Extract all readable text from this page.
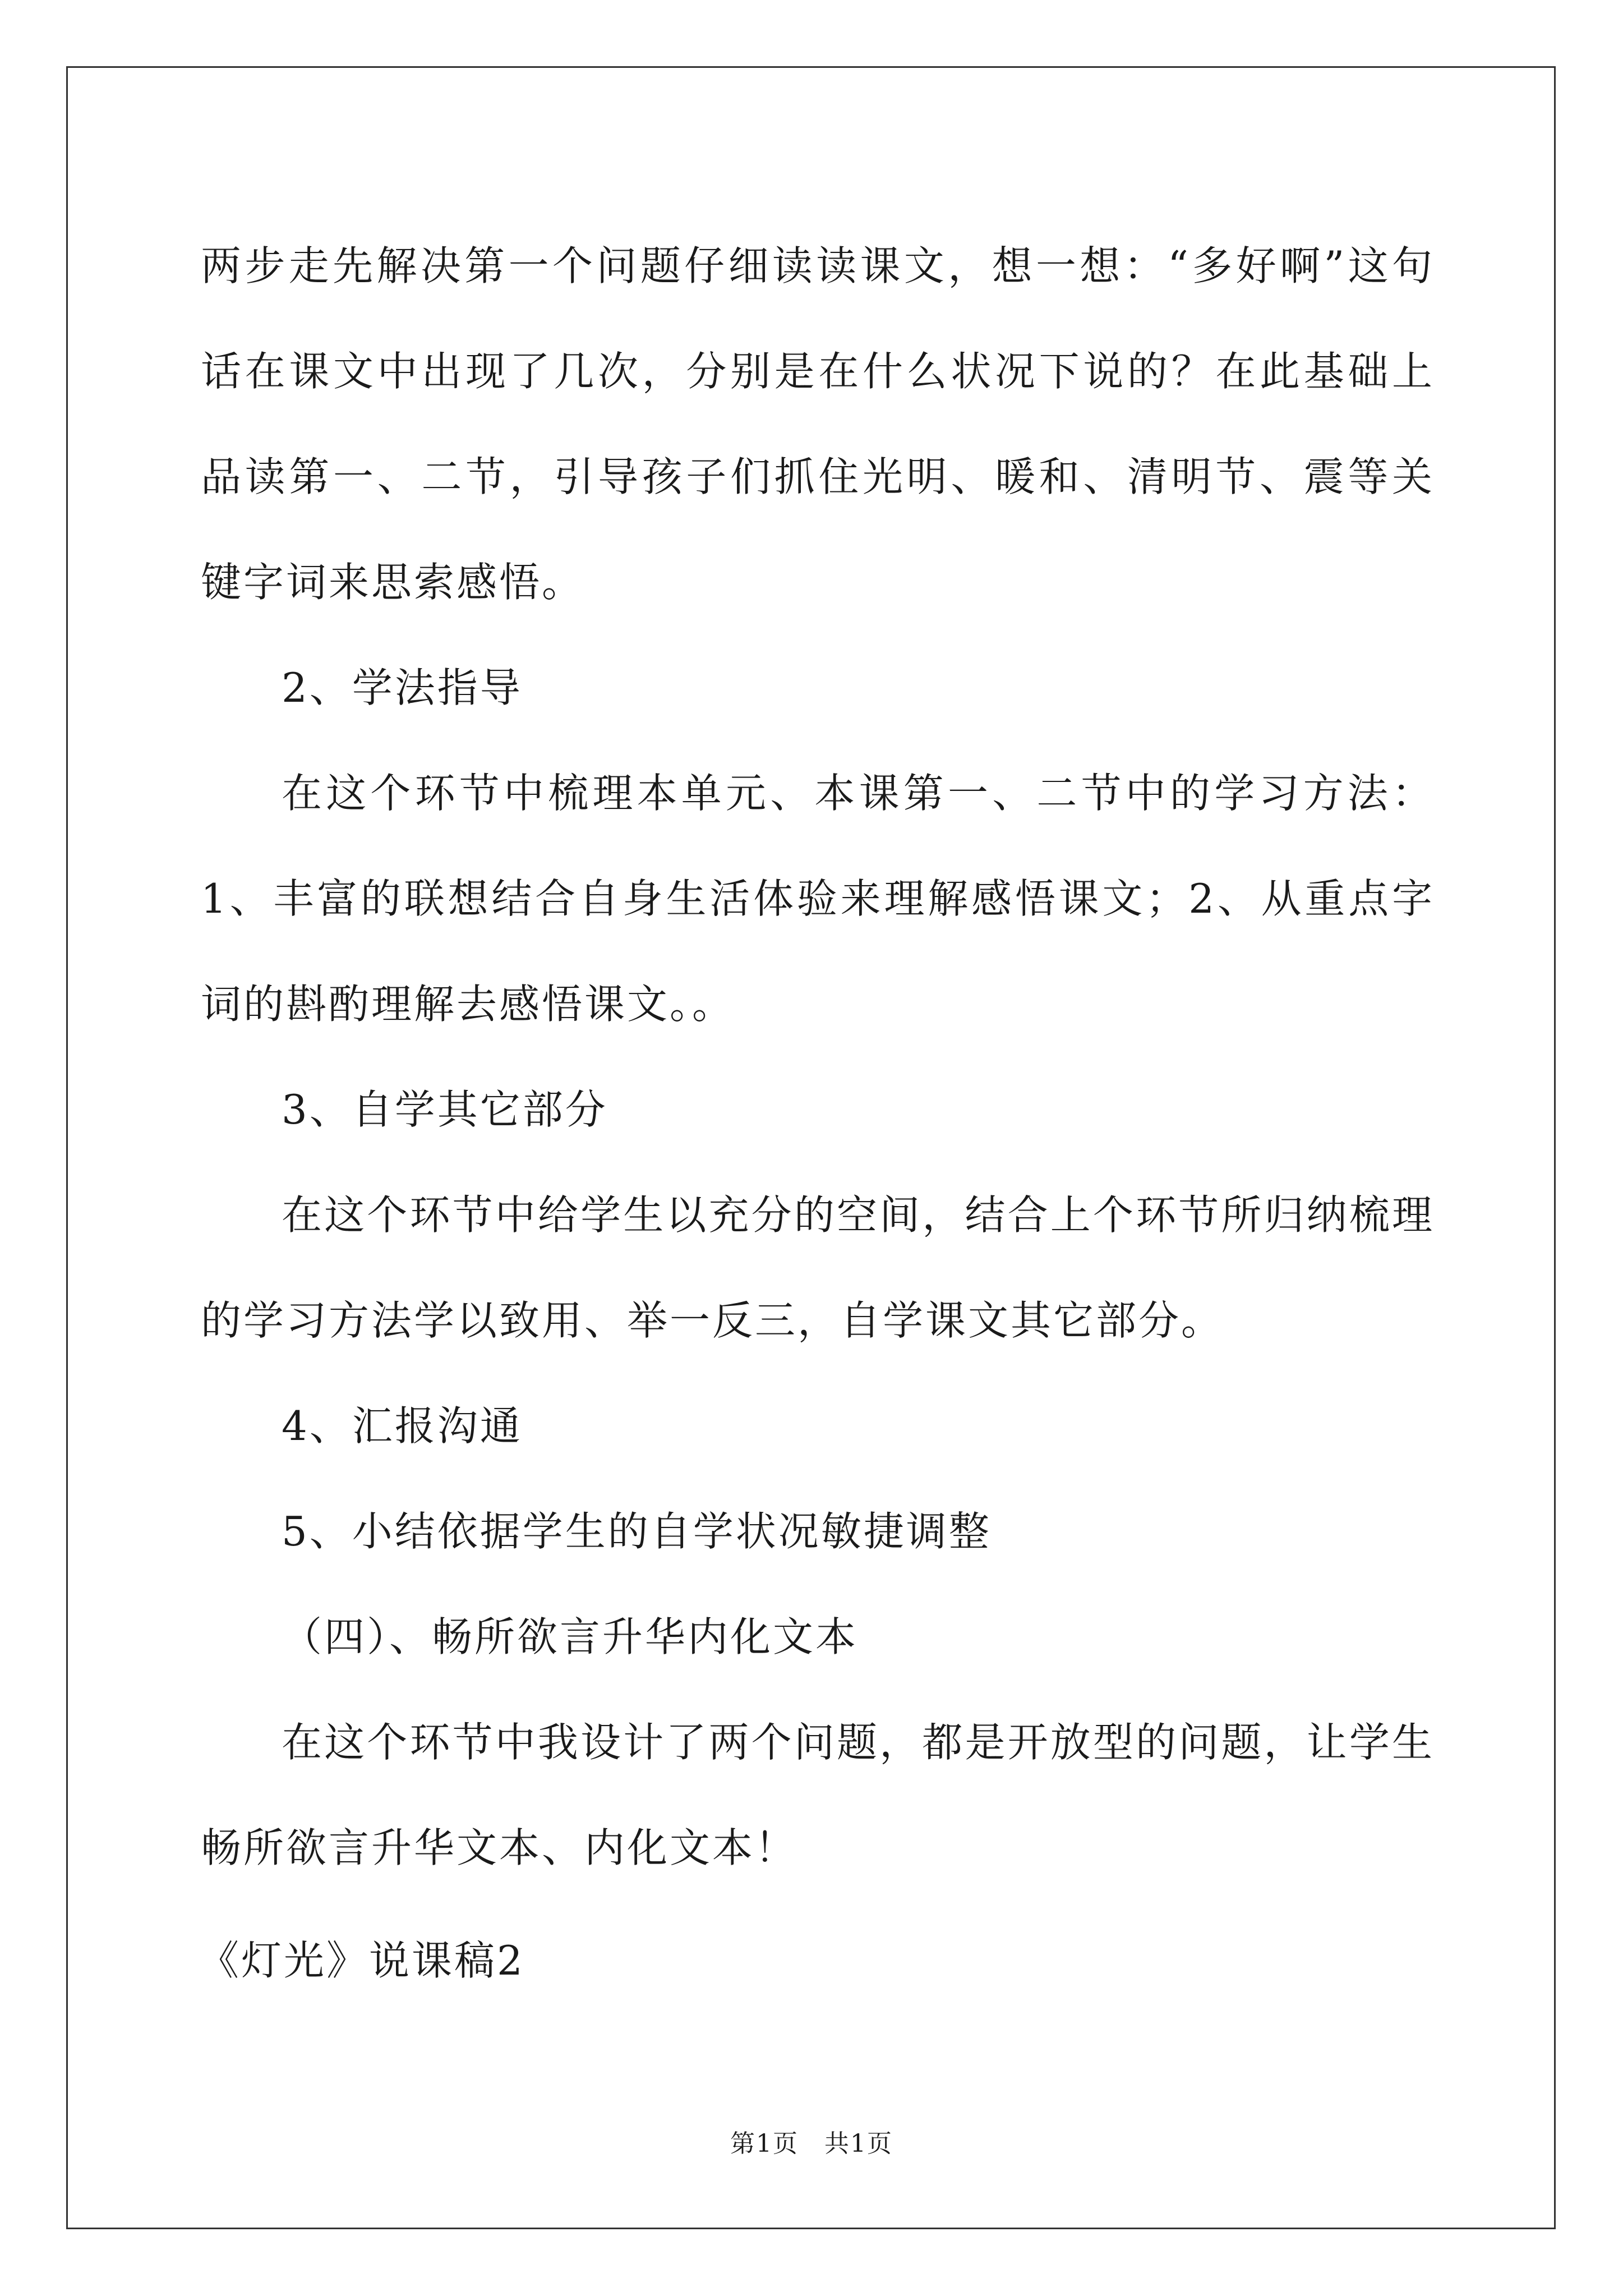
两步走先解决第一个问题仔细读读课文，想一想：“多好啊”这句话在课文中出现了几次，分别是在什么状况下说的？在此基础上品读第一、二节，引导孩子们抓住光明、暖和、清明节、震等关键字词来思索感悟。

2、学法指导

在这个环节中梳理本单元、本课第一、二节中的学习方法：1、丰富的联想结合自身生活体验来理解感悟课文；2、从重点字词的斟酌理解去感悟课文。。

3、自学其它部分

在这个环节中给学生以充分的空间，结合上个环节所归纳梳理的学习方法学以致用、举一反三，自学课文其它部分。

4、汇报沟通

5、小结依据学生的自学状况敏捷调整

（四）、畅所欲言升华内化文本

在这个环节中我设计了两个问题，都是开放型的问题，让学生畅所欲言升华文本、内化文本！

《灯光》说课稿2

第1页　共1页
